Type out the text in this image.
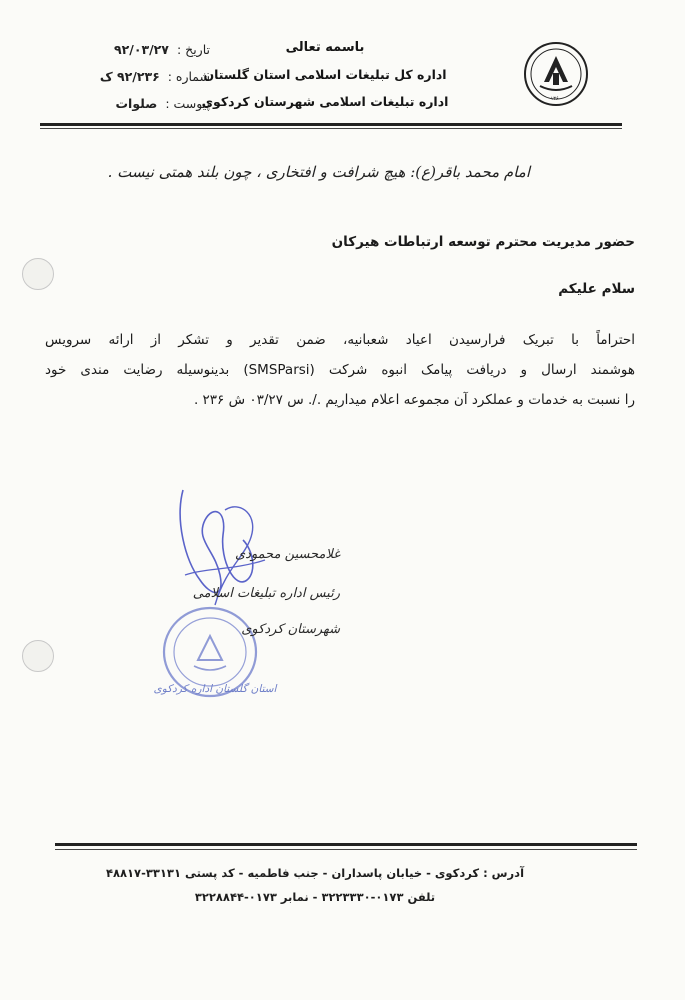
تاریخ : ۹۲/۰۳/۲۷
شماره : ۹۲/۲۳۶ ک
پیوست : صلوات
باسمه تعالی
اداره کل تبلیغات اسلامی استان گلستان
اداره تبلیغات اسلامی شهرستان کردکوی	۱۳۶۰
امام محمد باقر(ع): هیچ شرافت و افتخاری ، چون بلند همتی نیست .
حضور مدیریت محترم توسعه ارتباطات هیرکان
سلام علیکم
احتراماً با تبریک فرارسیدن اعیاد شعبانیه، ضمن تقدیر و تشکر از ارائه سرویس
هوشمند ارسال و دریافت پیامک انبوه شرکت (SMSParsi) بدینوسیله رضایت مندی خود
را نسبت به خدمات و عملکرد آن مجموعه اعلام میداریم ./. س ۰۳/۲۷ ش ۲۳۶ .
غلامحسین محمودی
رئیس اداره تبلیغات اسلامی
شهرستان کردکوی
استان گلستان اداره کردکوی
آدرس : کردکوی - خیابان پاسداران - جنب فاطمیه - کد پستی ۳۳۱۳۱-۴۸۸۱۷
تلفن ۰۱۷۳-۳۲۲۳۳۳۰ - نمابر ۰۱۷۳-۳۲۲۸۸۴۴
